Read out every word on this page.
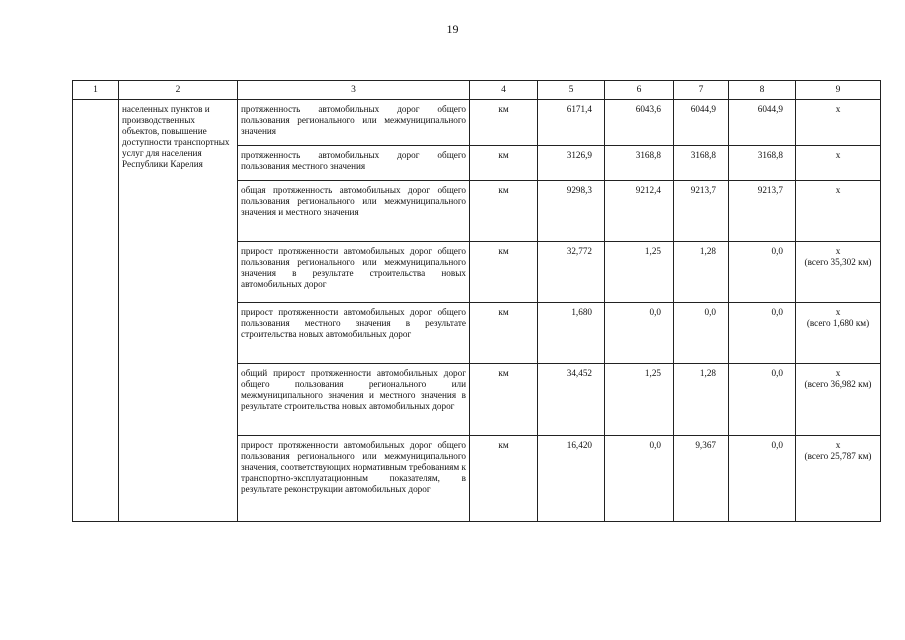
19
1	2	3	4	5	6	7	8	9
	населенных пунктов и производственных объектов, повышение доступности транспортных услуг для населения Республики Карелия	протяженность автомобильных дорог общего пользования регионального или межмуниципального значения	км	6171,4	6043,6	6044,9	6044,9	х

		протяженность автомобильных дорог общего пользования местного значения	км	3126,9	3168,8	3168,8	3168,8	х

		общая протяженность автомобильных дорог общего пользования регионального или межмуниципального значения и местного значения	км	9298,3	9212,4	9213,7	9213,7	х

		прирост протяженности автомобильных дорог общего пользования регионального или межмуниципального значения в результате строительства новых автомобильных дорог	км	32,772	1,25	1,28	0,0	х
(всего 35,302 км)

		прирост протяженности автомобильных дорог общего пользования местного значения в результате строительства новых автомобильных дорог	км	1,680	0,0	0,0	0,0	х
(всего 1,680 км)

		общий прирост протяженности автомобильных дорог общего пользования регионального или межмуниципального значения и местного значения в результате строительства новых автомобильных дорог	км	34,452	1,25	1,28	0,0	х
(всего 36,982 км)

		прирост протяженности автомобильных дорог общего пользования регионального или межмуниципального значения, соответствующих нормативным требованиям к транспортно-эксплуатационным показателям, в результате реконструкции автомобильных дорог	км	16,420	0,0	9,367	0,0	х
(всего 25,787 км)
